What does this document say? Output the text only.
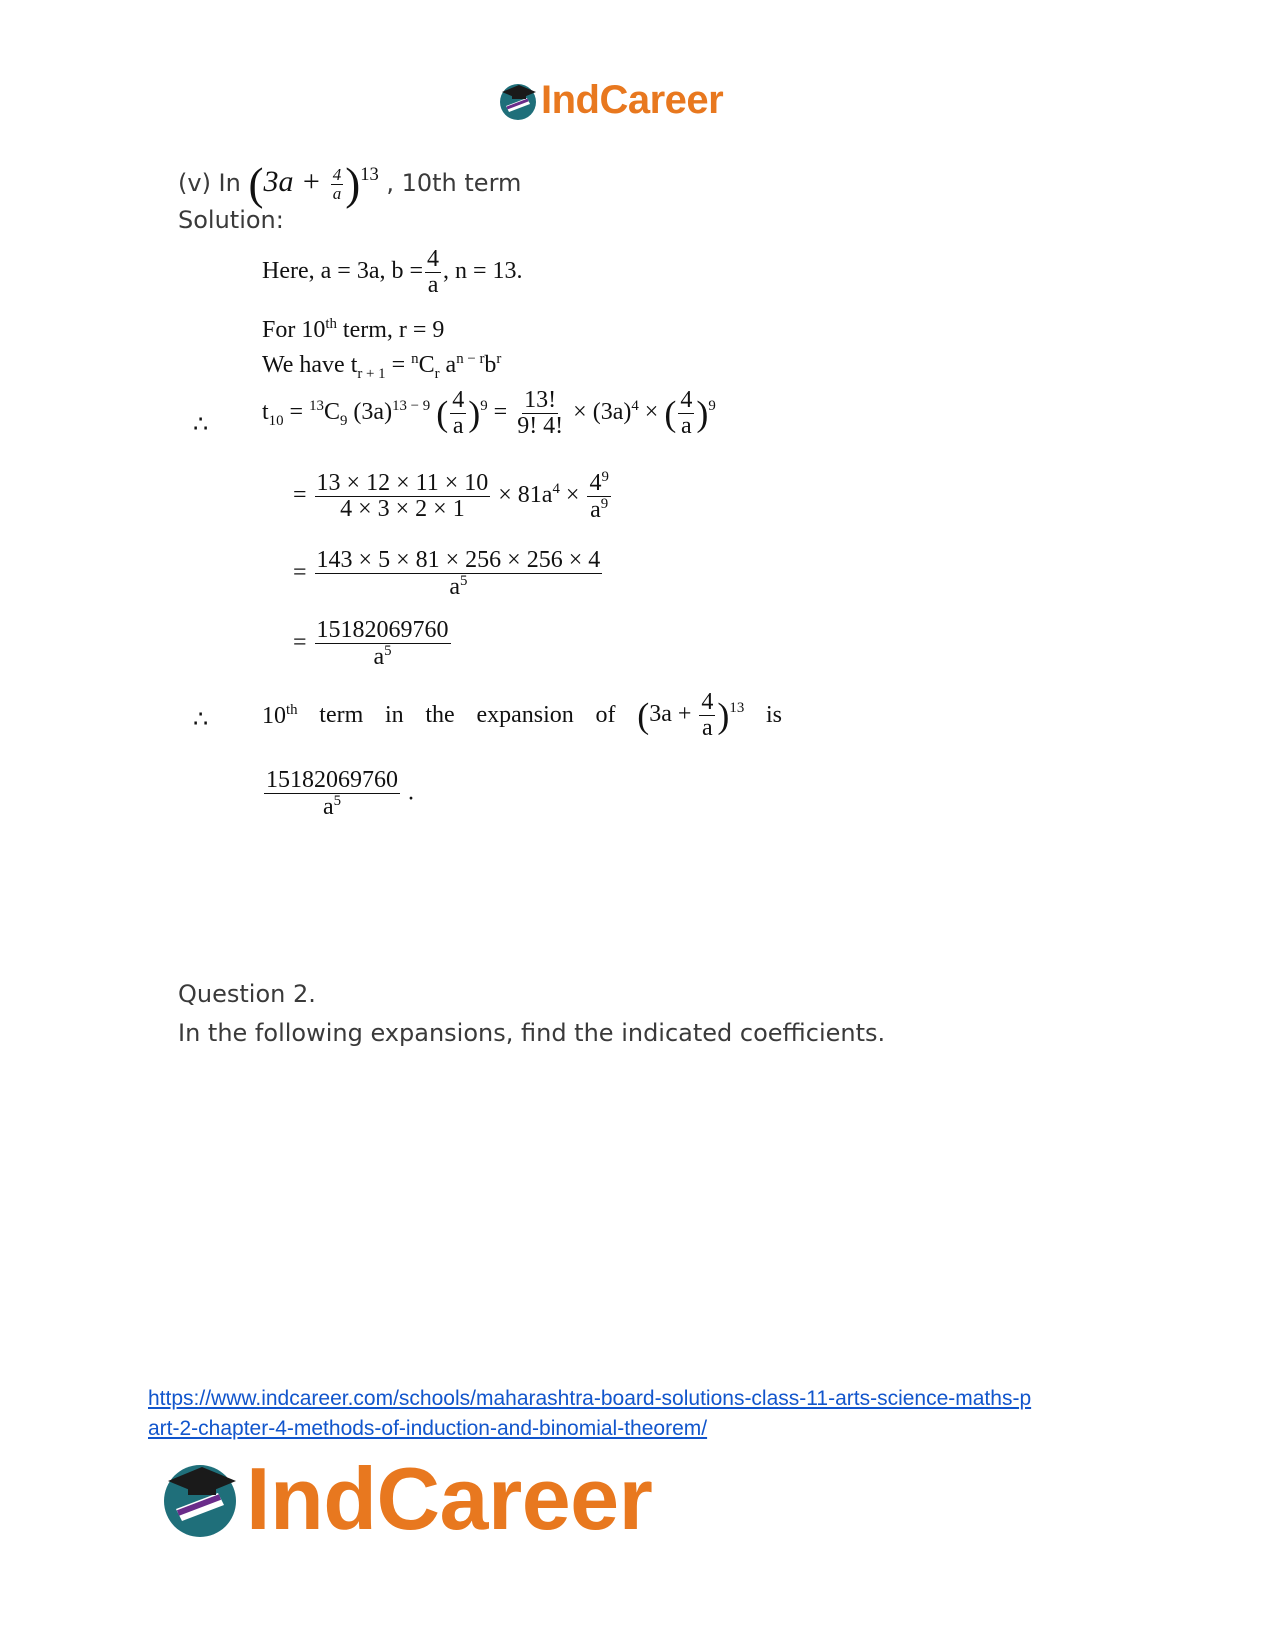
IndCareer
(v) In $(3a + \frac{4}{a} )^{13}$ , 10th term
Solution:
Here, a = 3a, $b = \frac{4}{a}$ , n = 13.
For 10th term, r = 9
We have $t_{r + 1} = ^nC_r$ $a^{n - r}b^r$
∴ $t_{10} = ^{13}C_9$ $(3a)^{13 - 9}$ ( $\frac{4}{a} )^9 = \frac{13!}{9! 4!} \times (3a)^4$ × ( $\frac{4}{a} )^9$
= $\frac{13 \times 12 \times 11 \times 10}{4 \times 3 \times 2 \times 1} \times 81a^4 \times \frac{4^9}{a^9}$
= $\frac{143 \times 5 \times 81 \times 256 \times 256 \times 4}{a^5}$
= $\frac{15182069760}{a^5}$
∴ 10th term in the expansion of $(3a + \frac{4}{a} )^{13}$ is
$\frac{15182069760}{a^5}$ .
Question 2.
In the following expansions, find the indicated coefficients.
https://www.indcareer.com/schools/maharashtra-board-solutions-class-11-arts-science-maths-p
art-2-chapter-4-methods-of-induction-and-binomial-theorem/
IndCareer
